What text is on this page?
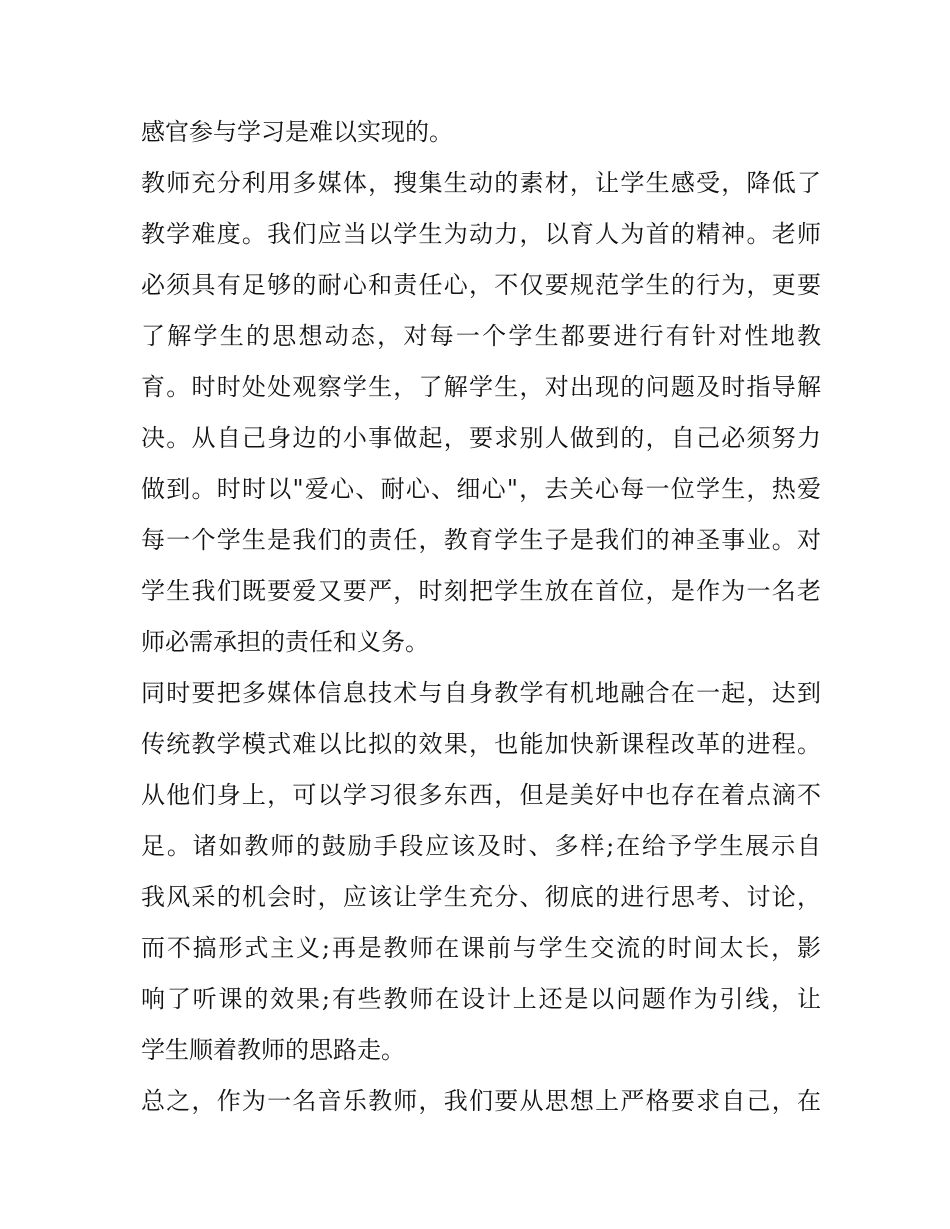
感官参与学习是难以实现的。
教师充分利用多媒体，搜集生动的素材，让学生感受，降低了
教学难度。我们应当以学生为动力，以育人为首的精神。老师
必须具有足够的耐心和责任心，不仅要规范学生的行为，更要
了解学生的思想动态，对每一个学生都要进行有针对性地教
育。时时处处观察学生，了解学生，对出现的问题及时指导解
决。从自己身边的小事做起，要求别人做到的，自己必须努力
做到。时时以"爱心、耐心、细心"，去关心每一位学生，热爱
每一个学生是我们的责任，教育学生子是我们的神圣事业。对
学生我们既要爱又要严，时刻把学生放在首位，是作为一名老
师必需承担的责任和义务。
同时要把多媒体信息技术与自身教学有机地融合在一起，达到
传统教学模式难以比拟的效果，也能加快新课程改革的进程。
从他们身上，可以学习很多东西，但是美好中也存在着点滴不
足。诸如教师的鼓励手段应该及时、多样;在给予学生展示自
我风采的机会时，应该让学生充分、彻底的进行思考、讨论，
而不搞形式主义;再是教师在课前与学生交流的时间太长，影
响了听课的效果;有些教师在设计上还是以问题作为引线，让
学生顺着教师的思路走。
总之，作为一名音乐教师，我们要从思想上严格要求自己，在
